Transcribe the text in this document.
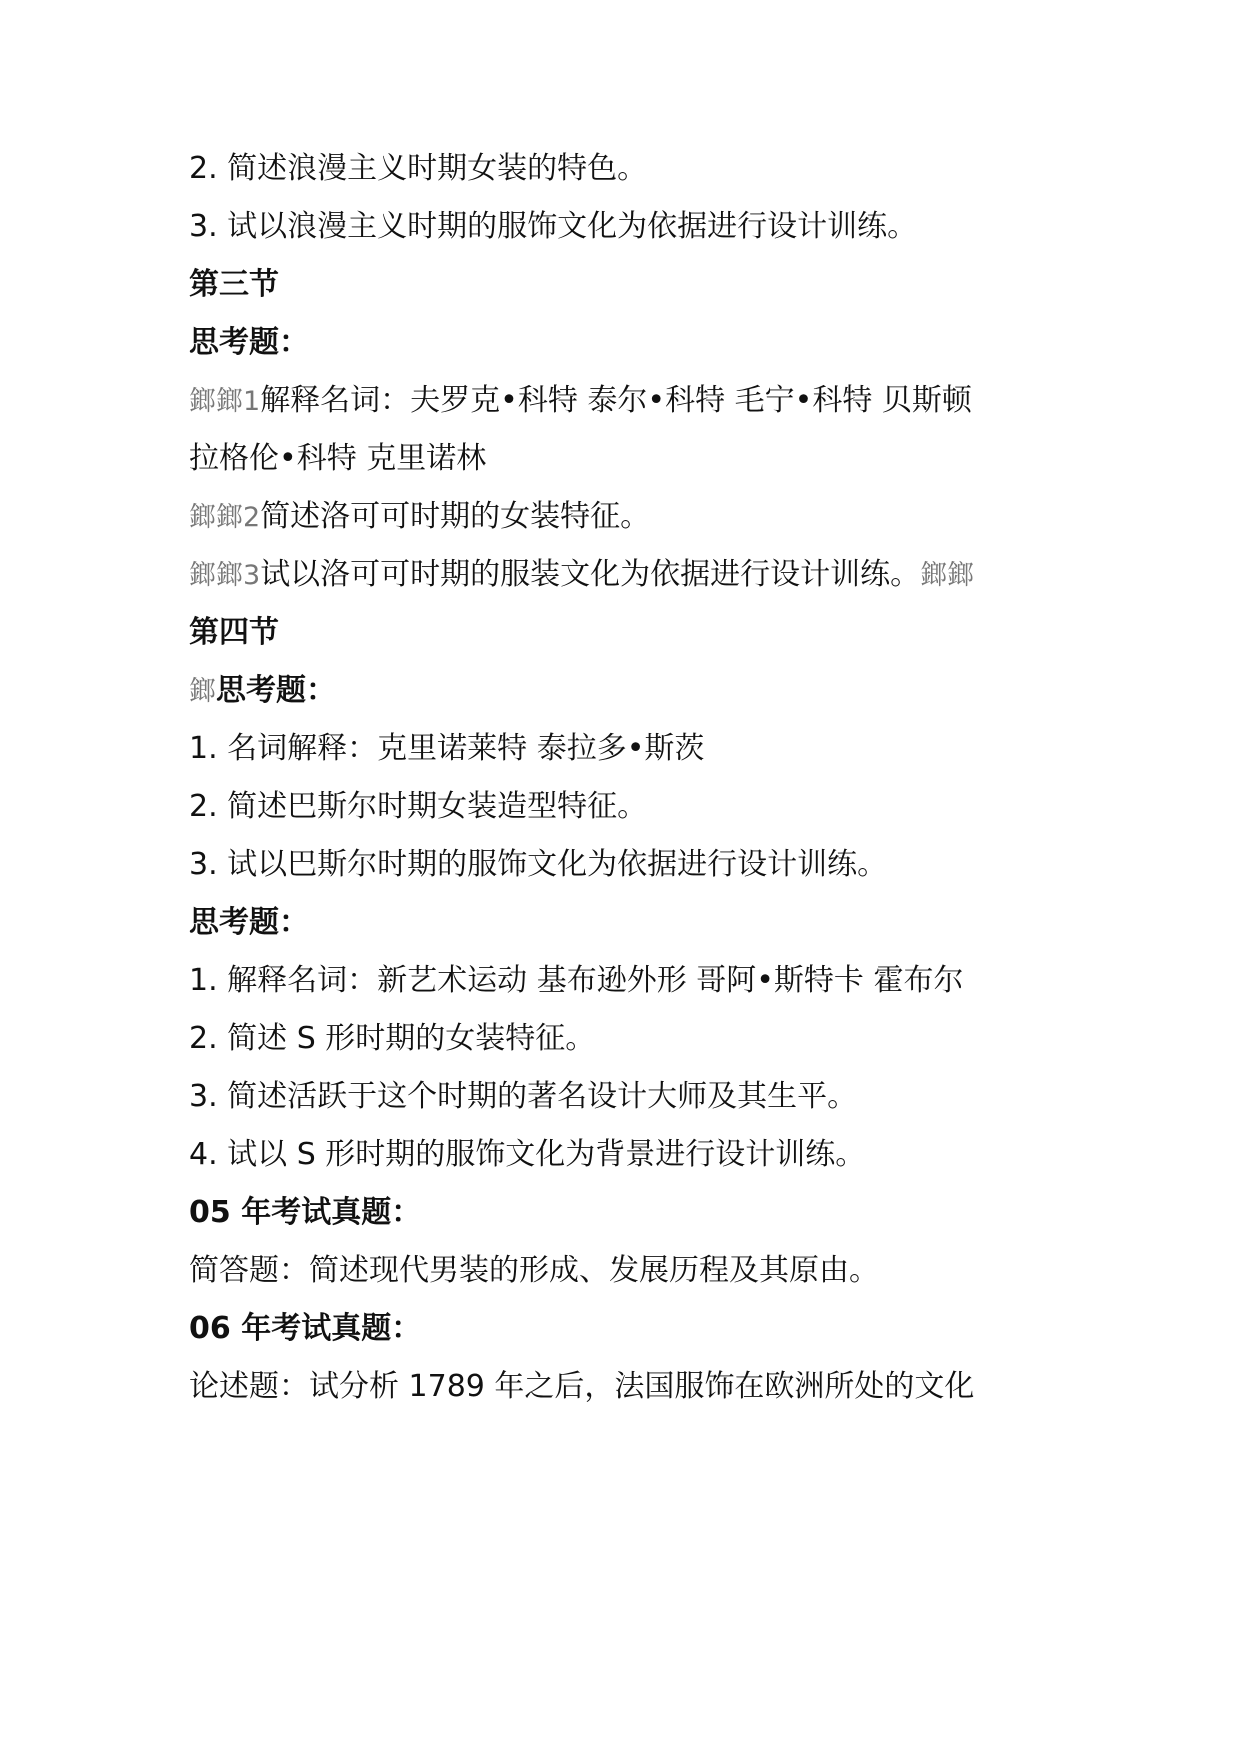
2. 简述浪漫主义时期女装的特色。
3. 试以浪漫主义时期的服饰文化为依据进行设计训练。
第三节
思考题：
鎯鎯1解释名词：夫罗克•科特 泰尔•科特 毛宁•科特 贝斯顿
拉格伦•科特 克里诺林
鎯鎯2简述洛可可时期的女装特征。
鎯鎯3试以洛可可时期的服装文化为依据进行设计训练。鎯鎯
第四节
鎯思考题：
1. 名词解释：克里诺莱特 泰拉多•斯茨
2. 简述巴斯尔时期女装造型特征。
3. 试以巴斯尔时期的服饰文化为依据进行设计训练。
思考题：
1. 解释名词：新艺术运动 基布逊外形 哥阿•斯特卡 霍布尔
2. 简述 S 形时期的女装特征。
3. 简述活跃于这个时期的著名设计大师及其生平。
4. 试以 S 形时期的服饰文化为背景进行设计训练。
05 年考试真题：
简答题：简述现代男装的形成、发展历程及其原由。
06 年考试真题：
论述题：试分析 1789 年之后，法国服饰在欧洲所处的文化
